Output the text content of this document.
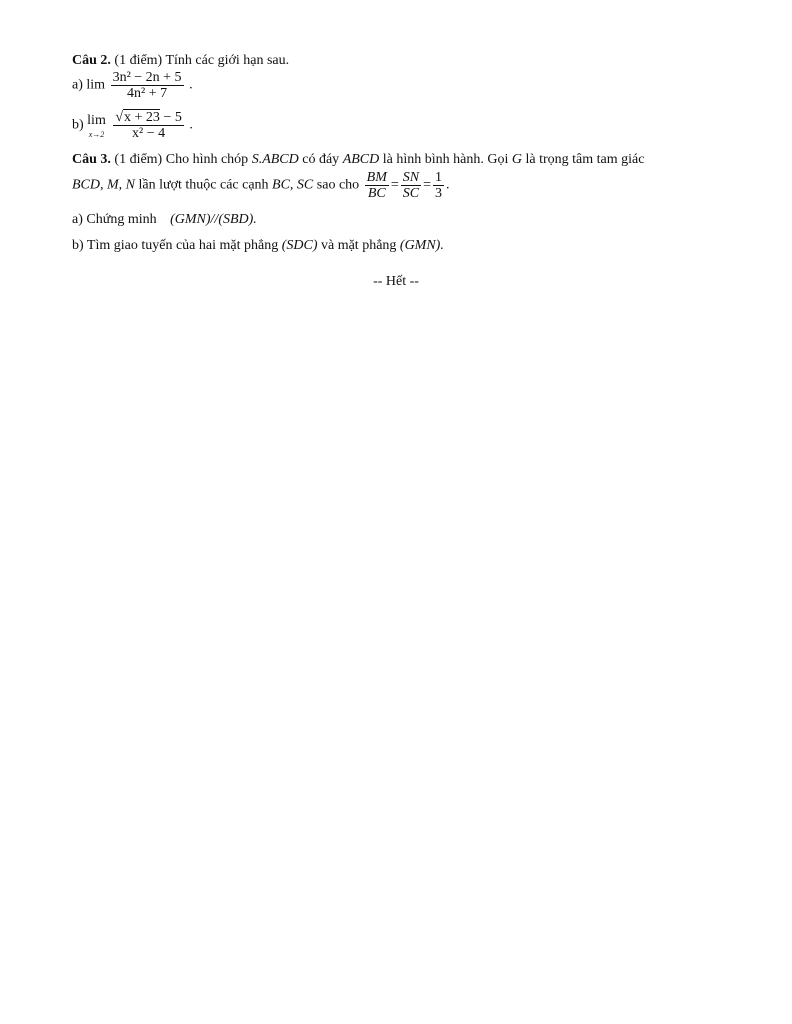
Câu 2. (1 điểm) Tính các giới hạn sau.
a) $\lim \frac{\text{3n² − 2n + 5}}{\text{4n² + 7}}$ .
b) lim
x→2
$\frac{√x + 23 - 5}{\text{x² − 4}}$ .
Câu 3. (1 điểm) Cho hình chóp S.ABCD có đáy ABCD là hình bình hành. Gọi G là trọng tâm tam giác
BCD, M, N lần lượt thuộc các cạnh BC, SC sao cho $\frac{BM}{BC} = \frac{SN}{SC} = \frac{1}{3}$ .
a) Chứng minh (GMN)//(SBD).
b) Tìm giao tuyến của hai mặt phẳng (SDC) và mặt phẳng (GMN).
-- Hết --
